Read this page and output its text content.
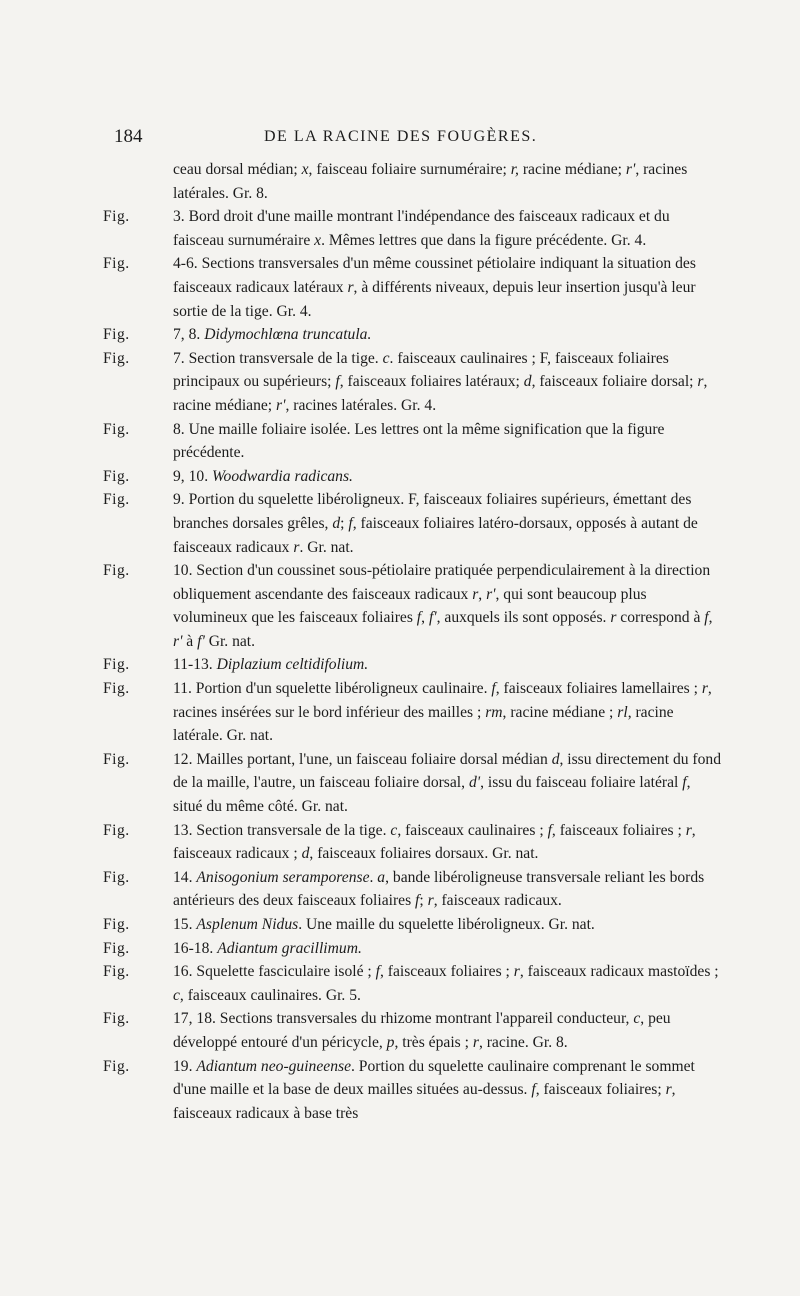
184	DE LA RACINE DES FOUGÈRES.
ceau dorsal médian; x, faisceau foliaire surnuméraire; r, racine médiane; r', racines latérales. Gr. 8.
Fig.	3. Bord droit d'une maille montrant l'indépendance des faisceaux radicaux et du faisceau surnuméraire x. Mêmes lettres que dans la figure précédente. Gr. 4.
Fig.	4-6. Sections transversales d'un même coussinet pétiolaire indiquant la situation des faisceaux radicaux latéraux r, à différents niveaux, depuis leur insertion jusqu'à leur sortie de la tige. Gr. 4.
Fig.	7, 8. Didymochlœna truncatula.
Fig.	7. Section transversale de la tige. c. faisceaux caulinaires ; F, faisceaux foliaires principaux ou supérieurs; f, faisceaux foliaires latéraux; d, faisceaux foliaire dorsal; r, racine médiane; r', racines latérales. Gr. 4.
Fig.	8. Une maille foliaire isolée. Les lettres ont la même signification que la figure précédente.
Fig.	9, 10. Woodwardia radicans.
Fig.	9. Portion du squelette libéroligneux. F, faisceaux foliaires supérieurs, émettant des branches dorsales grêles, d; f, faisceaux foliaires latéro-dorsaux, opposés à autant de faisceaux radicaux r. Gr. nat.
Fig.	10. Section d'un coussinet sous-pétiolaire pratiquée perpendiculairement à la direction obliquement ascendante des faisceaux radicaux r, r', qui sont beaucoup plus volumineux que les faisceaux foliaires f, f', auxquels ils sont opposés. r correspond à f, r' à f' Gr. nat.
Fig.	11-13. Diplazium celtidifolium.
Fig.	11. Portion d'un squelette libéroligneux caulinaire. f, faisceaux foliaires lamellaires ; r, racines insérées sur le bord inférieur des mailles ; rm, racine médiane ; rl, racine latérale. Gr. nat.
Fig.	12. Mailles portant, l'une, un faisceau foliaire dorsal médian d, issu directement du fond de la maille, l'autre, un faisceau foliaire dorsal, d', issu du faisceau foliaire latéral f, situé du même côté. Gr. nat.
Fig.	13. Section transversale de la tige. c, faisceaux caulinaires ; f, faisceaux foliaires ; r, faisceaux radicaux ; d, faisceaux foliaires dorsaux. Gr. nat.
Fig.	14. Anisogonium seramporense. a, bande libéroligneuse transversale reliant les bords antérieurs des deux faisceaux foliaires f; r, faisceaux radicaux.
Fig.	15. Asplenum Nidus. Une maille du squelette libéroligneux. Gr. nat.
Fig.	16-18. Adiantum gracillimum.
Fig.	16. Squelette fasciculaire isolé ; f, faisceaux foliaires ; r, faisceaux radicaux mastoïdes ; c, faisceaux caulinaires. Gr. 5.
Fig.	17, 18. Sections transversales du rhizome montrant l'appareil conducteur, c, peu développé entouré d'un péricycle, p, très épais ; r, racine. Gr. 8.
Fig.	19. Adiantum neo-guineense. Portion du squelette caulinaire comprenant le sommet d'une maille et la base de deux mailles situées au-dessus. f, faisceaux foliaires; r, faisceaux radicaux à base très
